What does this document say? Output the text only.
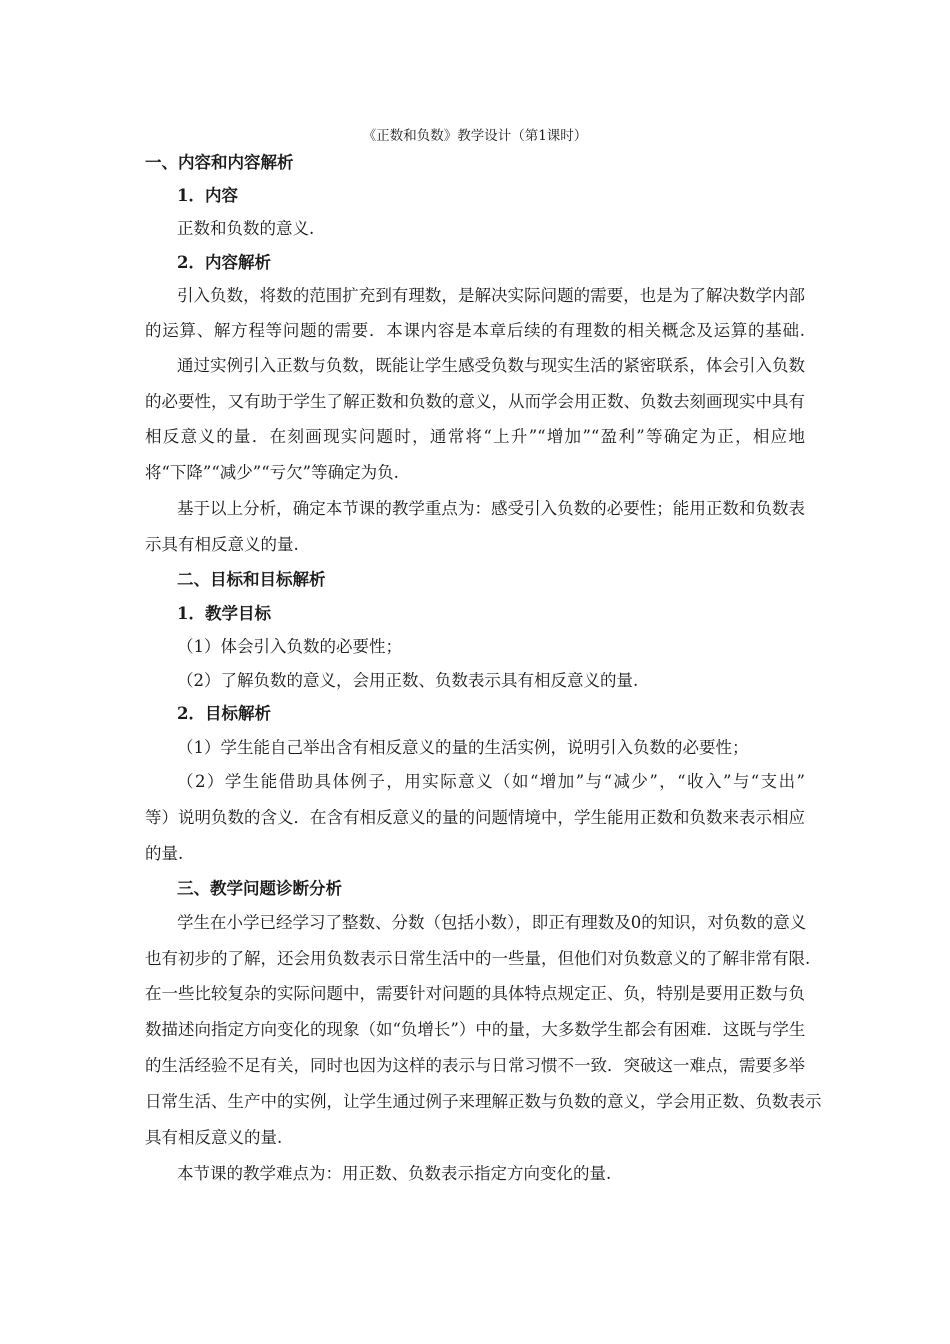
《正数和负数》教学设计（第1课时）
一、内容和内容解析
1．内容
正数和负数的意义.
2．内容解析
引入负数，将数的范围扩充到有理数，是解决实际问题的需要，也是为了解决数学内部
的运算、解方程等问题的需要．本课内容是本章后续的有理数的相关概念及运算的基础.
通过实例引入正数与负数，既能让学生感受负数与现实生活的紧密联系，体会引入负数
的必要性，又有助于学生了解正数和负数的意义，从而学会用正数、负数去刻画现实中具有
相反意义的量．在刻画现实问题时，通常将“上升”“增加”“盈利”等确定为正，相应地
将“下降”“减少”“亏欠”等确定为负.
基于以上分析，确定本节课的教学重点为：感受引入负数的必要性；能用正数和负数表
示具有相反意义的量.
二、目标和目标解析
1．教学目标
（1）体会引入负数的必要性；
（2）了解负数的意义，会用正数、负数表示具有相反意义的量.
2．目标解析
（1）学生能自己举出含有相反意义的量的生活实例，说明引入负数的必要性；
（2）学生能借助具体例子，用实际意义（如“增加”与“减少”，“收入”与“支出”
等）说明负数的含义．在含有相反意义的量的问题情境中，学生能用正数和负数来表示相应
的量.
三、教学问题诊断分析
学生在小学已经学习了整数、分数（包括小数），即正有理数及0的知识，对负数的意义
也有初步的了解，还会用负数表示日常生活中的一些量，但他们对负数意义的了解非常有限.
在一些比较复杂的实际问题中，需要针对问题的具体特点规定正、负，特别是要用正数与负
数描述向指定方向变化的现象（如“负增长”）中的量，大多数学生都会有困难．这既与学生
的生活经验不足有关，同时也因为这样的表示与日常习惯不一致．突破这一难点，需要多举
日常生活、生产中的实例，让学生通过例子来理解正数与负数的意义，学会用正数、负数表示
具有相反意义的量.
本节课的教学难点为：用正数、负数表示指定方向变化的量.
